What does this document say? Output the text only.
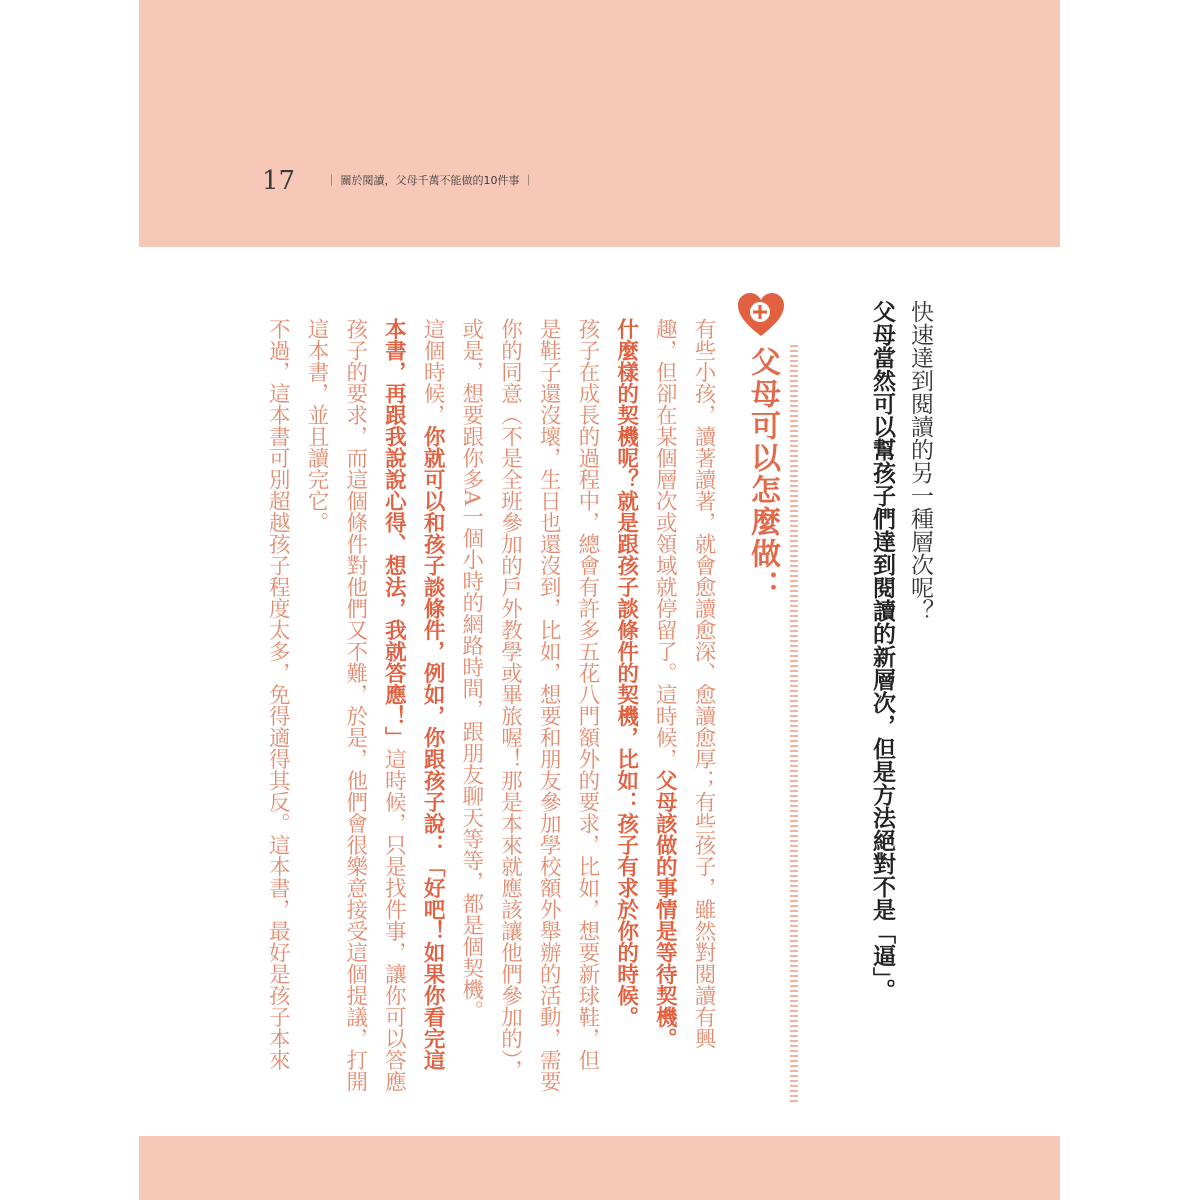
17	｜ 關於閱讀，父母千萬不能做的10件事 ｜
快速達到閱讀的另一種層次呢？
父母當然可以幫孩子們達到閱讀的新層次，但是方法絕對不是「逼」。
父母可以怎麼做：
有些小孩，讀著讀著，就會愈讀愈深、愈讀愈厚；有些孩子，雖然對閱讀有興
趣，但卻在某個層次或領域就停留了。這時候，父母該做的事情是等待契機。
什麼樣的契機呢？就是跟孩子談條件的契機，比如：孩子有求於你的時候。
孩子在成長的過程中，總會有許多五花八門額外的要求，比如，想要新球鞋，但
是鞋子還沒壞，生日也還沒到，比如，想要和朋友參加學校額外舉辦的活動，需要
你的同意（不是全班參加的戶外教學或畢旅喔！那是本來就應該讓他們參加的），
或是，想要跟你多A一個小時的網路時間，跟朋友聊天等等，都是個契機。
這個時候，你就可以和孩子談條件，例如，你跟孩子說：「好吧！如果你看完這
本書，再跟我說說心得、想法，我就答應！」這時候，只是找件事，讓你可以答應
孩子的要求，而這個條件對他們又不難，於是，他們會很樂意接受這個提議，打開
這本書，並且讀完它。
不過，這本書可別超越孩子程度太多，免得適得其反。這本書，最好是孩子本來
